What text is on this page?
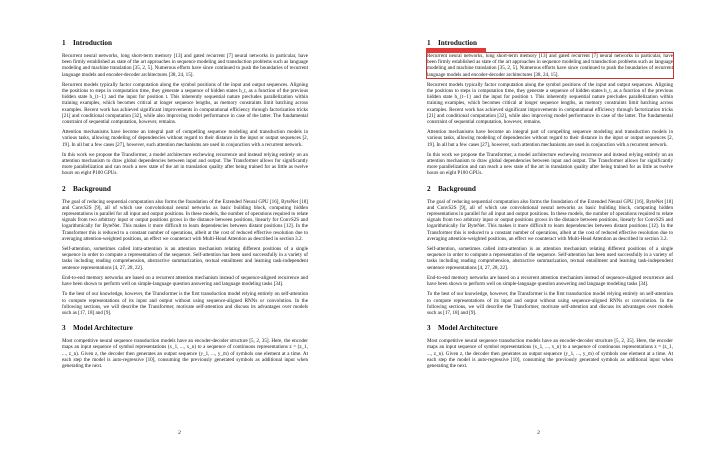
1 Introduction

Recurrent neural networks, long short-term memory [13] and gated recurrent [7] neural networks in particular, have been firmly established as state of the art approaches in sequence modeling and transduction problems such as language modeling and machine translation [35, 2, 5]. Numerous efforts have since continued to push the boundaries of recurrent language models and encoder-decoder architectures [38, 24, 15].

Recurrent models typically factor computation along the symbol positions of the input and output sequences. Aligning the positions to steps in computation time, they generate a sequence of hidden states h_t, as a function of the previous hidden state h_{t−1} and the input for position t. This inherently sequential nature precludes parallelization within training examples, which becomes critical at longer sequence lengths, as memory constraints limit batching across examples. Recent work has achieved significant improvements in computational efficiency through factorization tricks [21] and conditional computation [32], while also improving model performance in case of the latter. The fundamental constraint of sequential computation, however, remains.

Attention mechanisms have become an integral part of compelling sequence modeling and transduction models in various tasks, allowing modeling of dependencies without regard to their distance in the input or output sequences [2, 19]. In all but a few cases [27], however, such attention mechanisms are used in conjunction with a recurrent network.

In this work we propose the Transformer, a model architecture eschewing recurrence and instead relying entirely on an attention mechanism to draw global dependencies between input and output. The Transformer allows for significantly more parallelization and can reach a new state of the art in translation quality after being trained for as little as twelve hours on eight P100 GPUs.

2 Background

The goal of reducing sequential computation also forms the foundation of the Extended Neural GPU [16], ByteNet [18] and ConvS2S [9], all of which use convolutional neural networks as basic building block, computing hidden representations in parallel for all input and output positions. In these models, the number of operations required to relate signals from two arbitrary input or output positions grows in the distance between positions, linearly for ConvS2S and logarithmically for ByteNet. This makes it more difficult to learn dependencies between distant positions [12]. In the Transformer this is reduced to a constant number of operations, albeit at the cost of reduced effective resolution due to averaging attention-weighted positions, an effect we counteract with Multi-Head Attention as described in section 3.2.

Self-attention, sometimes called intra-attention is an attention mechanism relating different positions of a single sequence in order to compute a representation of the sequence. Self-attention has been used successfully in a variety of tasks including reading comprehension, abstractive summarization, textual entailment and learning task-independent sentence representations [4, 27, 28, 22].

End-to-end memory networks are based on a recurrent attention mechanism instead of sequence-aligned recurrence and have been shown to perform well on simple-language question answering and language modeling tasks [34].

To the best of our knowledge, however, the Transformer is the first transduction model relying entirely on self-attention to compute representations of its input and output without using sequence-aligned RNNs or convolution. In the following sections, we will describe the Transformer, motivate self-attention and discuss its advantages over models such as [17, 18] and [9].

3 Model Architecture

Most competitive neural sequence transduction models have an encoder-decoder structure [5, 2, 35]. Here, the encoder maps an input sequence of symbol representations (x_1, ..., x_n) to a sequence of continuous representations z = (z_1, ..., z_n). Given z, the decoder then generates an output sequence (y_1, ..., y_m) of symbols one element at a time. At each step the model is auto-regressive [10], consuming the previously generated symbols as additional input when generating the next.

2
1 Introduction

Recurrent neural networks, long short-term memory [13] and gated recurrent [7] neural networks in particular, have been firmly established as state of the art approaches in sequence modeling and transduction problems such as language modeling and machine translation [35, 2, 5]. Numerous efforts have since continued to push the boundaries of recurrent language models and encoder-decoder architectures [38, 24, 15].

Recurrent models typically factor computation along the symbol positions of the input and output sequences. Aligning the positions to steps in computation time, they generate a sequence of hidden states h_t, as a function of the previous hidden state h_{t−1} and the input for position t. This inherently sequential nature precludes parallelization within training examples, which becomes critical at longer sequence lengths, as memory constraints limit batching across examples. Recent work has achieved significant improvements in computational efficiency through factorization tricks [21] and conditional computation [32], while also improving model performance in case of the latter. The fundamental constraint of sequential computation, however, remains.

Attention mechanisms have become an integral part of compelling sequence modeling and transduction models in various tasks, allowing modeling of dependencies without regard to their distance in the input or output sequences [2, 19]. In all but a few cases [27], however, such attention mechanisms are used in conjunction with a recurrent network.

In this work we propose the Transformer, a model architecture eschewing recurrence and instead relying entirely on an attention mechanism to draw global dependencies between input and output. The Transformer allows for significantly more parallelization and can reach a new state of the art in translation quality after being trained for as little as twelve hours on eight P100 GPUs.

2 Background

The goal of reducing sequential computation also forms the foundation of the Extended Neural GPU [16], ByteNet [18] and ConvS2S [9], all of which use convolutional neural networks as basic building block, computing hidden representations in parallel for all input and output positions. In these models, the number of operations required to relate signals from two arbitrary input or output positions grows in the distance between positions, linearly for ConvS2S and logarithmically for ByteNet. This makes it more difficult to learn dependencies between distant positions [12]. In the Transformer this is reduced to a constant number of operations, albeit at the cost of reduced effective resolution due to averaging attention-weighted positions, an effect we counteract with Multi-Head Attention as described in section 3.2.

Self-attention, sometimes called intra-attention is an attention mechanism relating different positions of a single sequence in order to compute a representation of the sequence. Self-attention has been used successfully in a variety of tasks including reading comprehension, abstractive summarization, textual entailment and learning task-independent sentence representations [4, 27, 28, 22].

End-to-end memory networks are based on a recurrent attention mechanism instead of sequence-aligned recurrence and have been shown to perform well on simple-language question answering and language modeling tasks [34].

To the best of our knowledge, however, the Transformer is the first transduction model relying entirely on self-attention to compute representations of its input and output without using sequence-aligned RNNs or convolution. In the following sections, we will describe the Transformer, motivate self-attention and discuss its advantages over models such as [17, 18] and [9].

3 Model Architecture

Most competitive neural sequence transduction models have an encoder-decoder structure [5, 2, 35]. Here, the encoder maps an input sequence of symbol representations (x_1, ..., x_n) to a sequence of continuous representations z = (z_1, ..., z_n). Given z, the decoder then generates an output sequence (y_1, ..., y_m) of symbols one element at a time. At each step the model is auto-regressive [10], consuming the previously generated symbols as additional input when generating the next.

2
